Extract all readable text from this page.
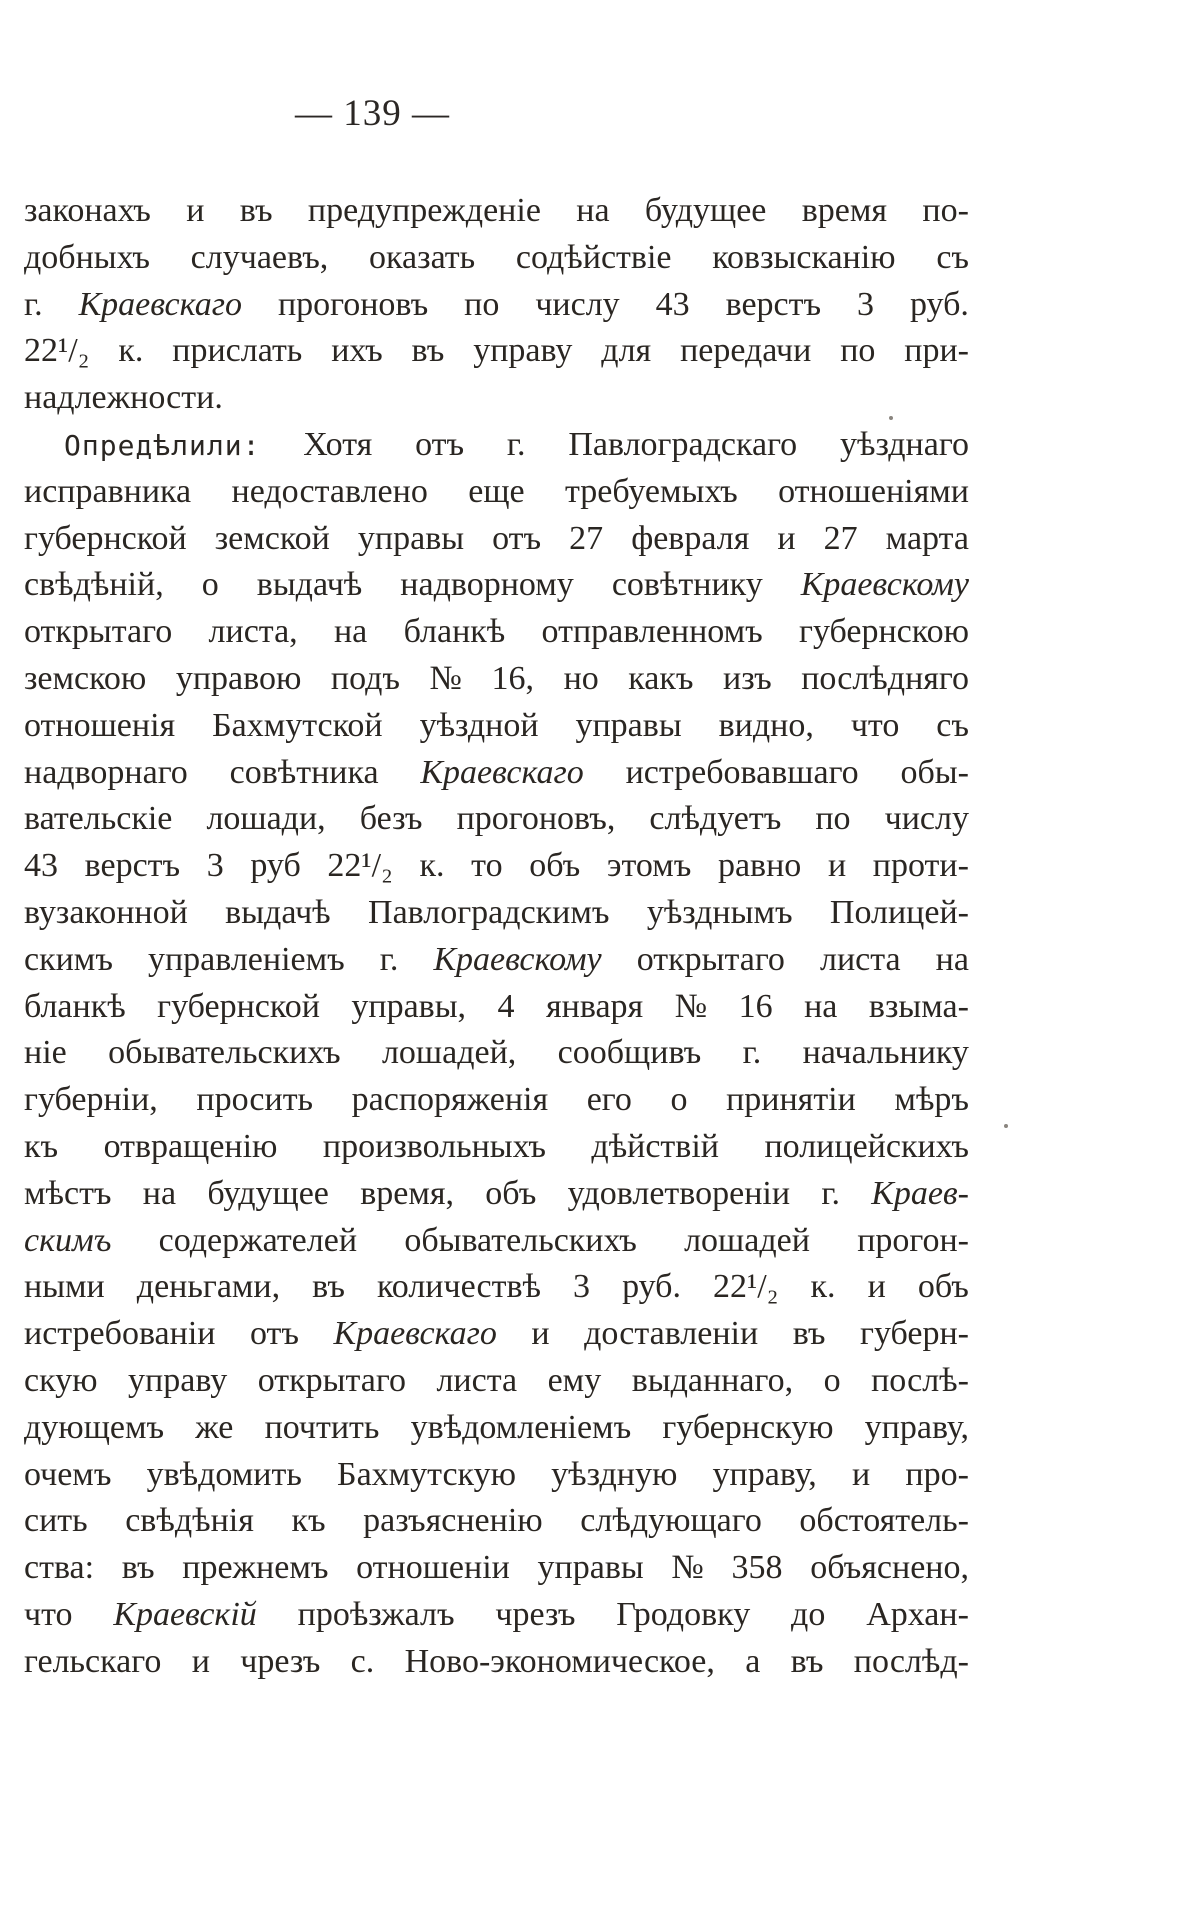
— 139 —
законахъ и въ предупрежденіе на будущее время по-
добныхъ случаевъ, оказать содѣйствіе ковзысканію съ
г. Краевскаго прогоновъ по числу 43 верстъ 3 руб.
22¹/₂ к. прислать ихъ въ управу для передачи по при-
надлежности.
Опредѣлили: Хотя отъ г. Павлоградскаго уѣзднаго
исправника недоставлено еще требуемыхъ отношеніями
губернской земской управы отъ 27 февраля и 27 марта
свѣдѣній, о выдачѣ надворному совѣтнику Краевскому
открытаго листа, на бланкѣ отправленномъ губернскою
земскою управою подъ № 16, но какъ изъ послѣдняго
отношенія Бахмутской уѣздной управы видно, что съ
надворнаго совѣтника Краевскаго истребовавшаго обы-
вательскіе лошади, безъ прогоновъ, слѣдуетъ по числу
43 верстъ 3 руб 22¹/₂ к. то объ этомъ равно и проти-
вузаконной выдачѣ Павлоградскимъ уѣзднымъ Полицей-
скимъ управленіемъ г. Краевскому открытаго листа на
бланкѣ губернской управы, 4 января № 16 на взыма-
ніе обывательскихъ лошадей, сообщивъ г. начальнику
губерніи, просить распоряженія его о принятіи мѣръ
къ отвращенію произвольныхъ дѣйствій полицейскихъ
мѣстъ на будущее время, объ удовлетвореніи г. Краев-
скимъ содержателей обывательскихъ лошадей прогон-
ными деньгами, въ количествѣ 3 руб. 22¹/₂ к. и объ
истребованіи отъ Краевскаго и доставленіи въ губерн-
скую управу открытаго листа ему выданнаго, о послѣ-
дующемъ же почтить увѣдомленіемъ губернскую управу,
очемъ увѣдомить Бахмутскую уѣздную управу, и про-
сить свѣдѣнія къ разъясненію слѣдующаго обстоятель-
ства: въ прежнемъ отношеніи управы № 358 объяснено,
что Краевскій проѣзжалъ чрезъ Гродовку до Архан-
гельскаго и чрезъ с. Ново-экономическое, а въ послѣд-
